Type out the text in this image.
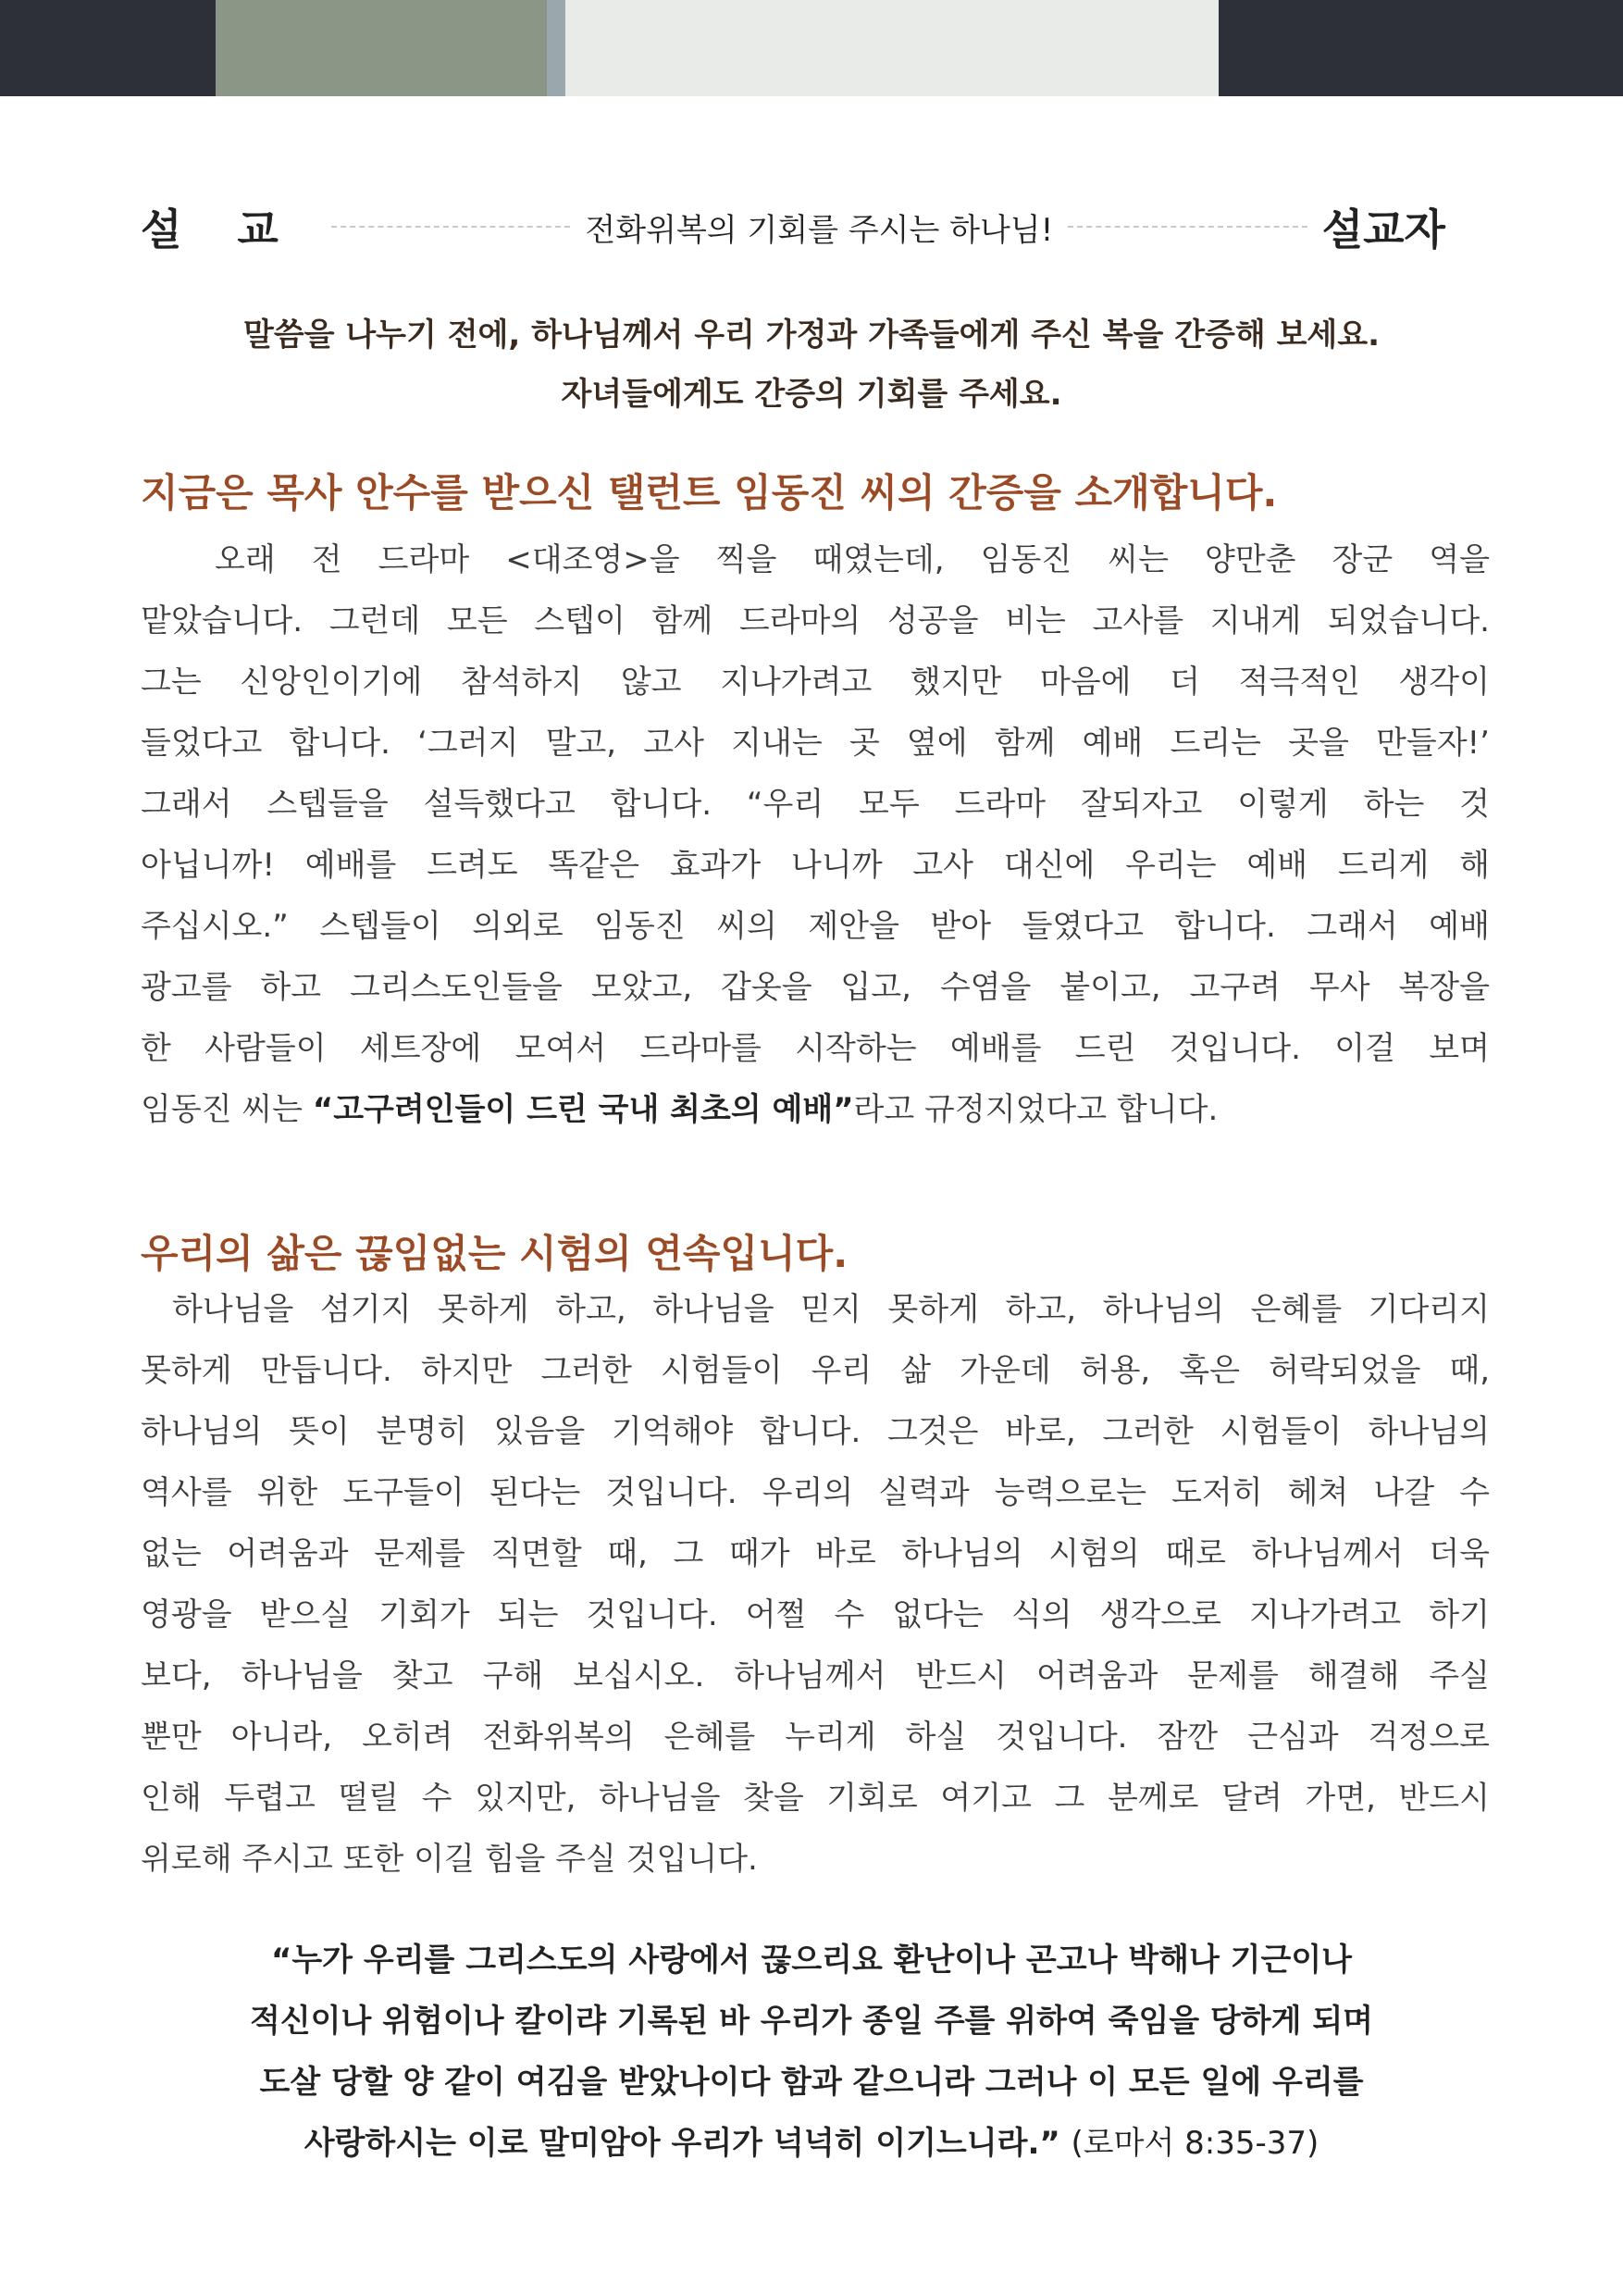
설교	전화위복의 기회를 주시는 하나님!	설교자
말씀을 나누기 전에, 하나님께서 우리 가정과 가족들에게 주신 복을 간증해 보세요.
자녀들에게도 간증의 기회를 주세요.
지금은 목사 안수를 받으신 탤런트 임동진 씨의 간증을 소개합니다.
오래 전 드라마 <대조영>을 찍을 때였는데, 임동진 씨는 양만춘 장군 역을
맡았습니다. 그런데 모든 스텝이 함께 드라마의 성공을 비는 고사를 지내게 되었습니다.
그는 신앙인이기에 참석하지 않고 지나가려고 했지만 마음에 더 적극적인 생각이
들었다고 합니다. ‘그러지 말고, 고사 지내는 곳 옆에 함께 예배 드리는 곳을 만들자!’
그래서 스텝들을 설득했다고 합니다. “우리 모두 드라마 잘되자고 이렇게 하는 것
아닙니까! 예배를 드려도 똑같은 효과가 나니까 고사 대신에 우리는 예배 드리게 해
주십시오.” 스텝들이 의외로 임동진 씨의 제안을 받아 들였다고 합니다. 그래서 예배
광고를 하고 그리스도인들을 모았고, 갑옷을 입고, 수염을 붙이고, 고구려 무사 복장을
한 사람들이 세트장에 모여서 드라마를 시작하는 예배를 드린 것입니다. 이걸 보며
임동진 씨는 “고구려인들이 드린 국내 최초의 예배”라고 규정지었다고 합니다.
우리의 삶은 끊임없는 시험의 연속입니다.
하나님을 섬기지 못하게 하고, 하나님을 믿지 못하게 하고, 하나님의 은혜를 기다리지
못하게 만듭니다. 하지만 그러한 시험들이 우리 삶 가운데 허용, 혹은 허락되었을 때,
하나님의 뜻이 분명히 있음을 기억해야 합니다. 그것은 바로, 그러한 시험들이 하나님의
역사를 위한 도구들이 된다는 것입니다. 우리의 실력과 능력으로는 도저히 헤쳐 나갈 수
없는 어려움과 문제를 직면할 때, 그 때가 바로 하나님의 시험의 때로 하나님께서 더욱
영광을 받으실 기회가 되는 것입니다. 어쩔 수 없다는 식의 생각으로 지나가려고 하기
보다, 하나님을 찾고 구해 보십시오. 하나님께서 반드시 어려움과 문제를 해결해 주실
뿐만 아니라, 오히려 전화위복의 은혜를 누리게 하실 것입니다. 잠깐 근심과 걱정으로
인해 두렵고 떨릴 수 있지만, 하나님을 찾을 기회로 여기고 그 분께로 달려 가면, 반드시
위로해 주시고 또한 이길 힘을 주실 것입니다.
“누가 우리를 그리스도의 사랑에서 끊으리요 환난이나 곤고나 박해나 기근이나
적신이나 위험이나 칼이랴 기록된 바 우리가 종일 주를 위하여 죽임을 당하게 되며
도살 당할 양 같이 여김을 받았나이다 함과 같으니라 그러나 이 모든 일에 우리를
사랑하시는 이로 말미암아 우리가 넉넉히 이기느니라.” (로마서 8:35-37)
